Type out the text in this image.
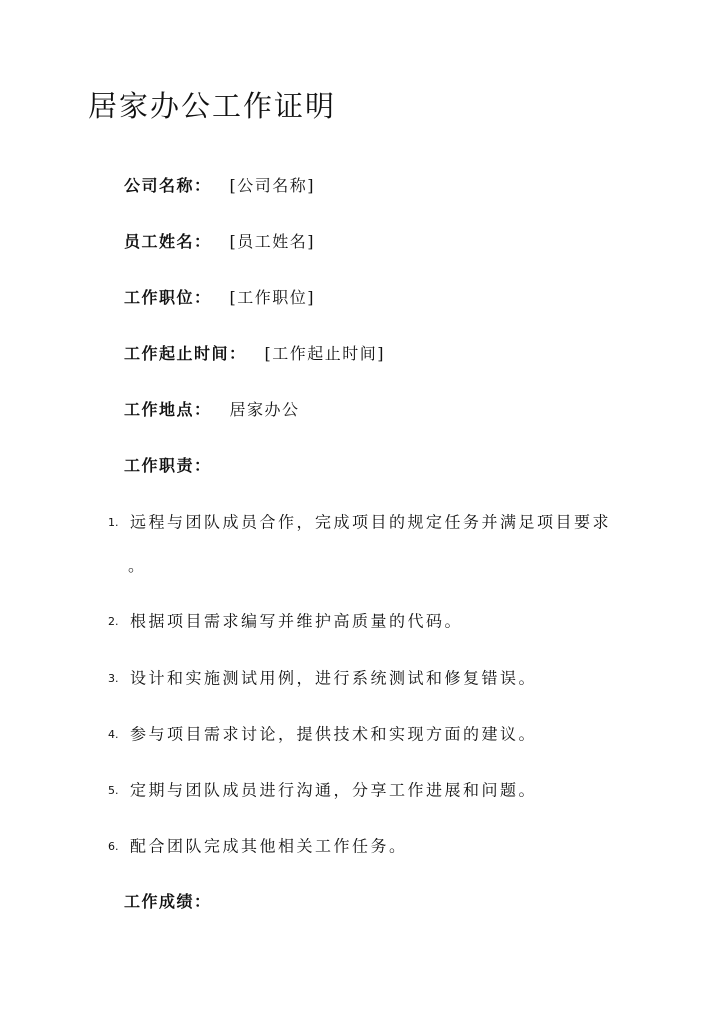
居家办公工作证明
公司名称： [公司名称]
员工姓名： [员工姓名]
工作职位： [工作职位]
工作起止时间： [工作起止时间]
工作地点： 居家办公
工作职责：
1. 远程与团队成员合作，完成项目的规定任务并满足项目要求
。
2. 根据项目需求编写并维护高质量的代码。
3. 设计和实施测试用例，进行系统测试和修复错误。
4. 参与项目需求讨论，提供技术和实现方面的建议。
5. 定期与团队成员进行沟通，分享工作进展和问题。
6. 配合团队完成其他相关工作任务。
工作成绩：
